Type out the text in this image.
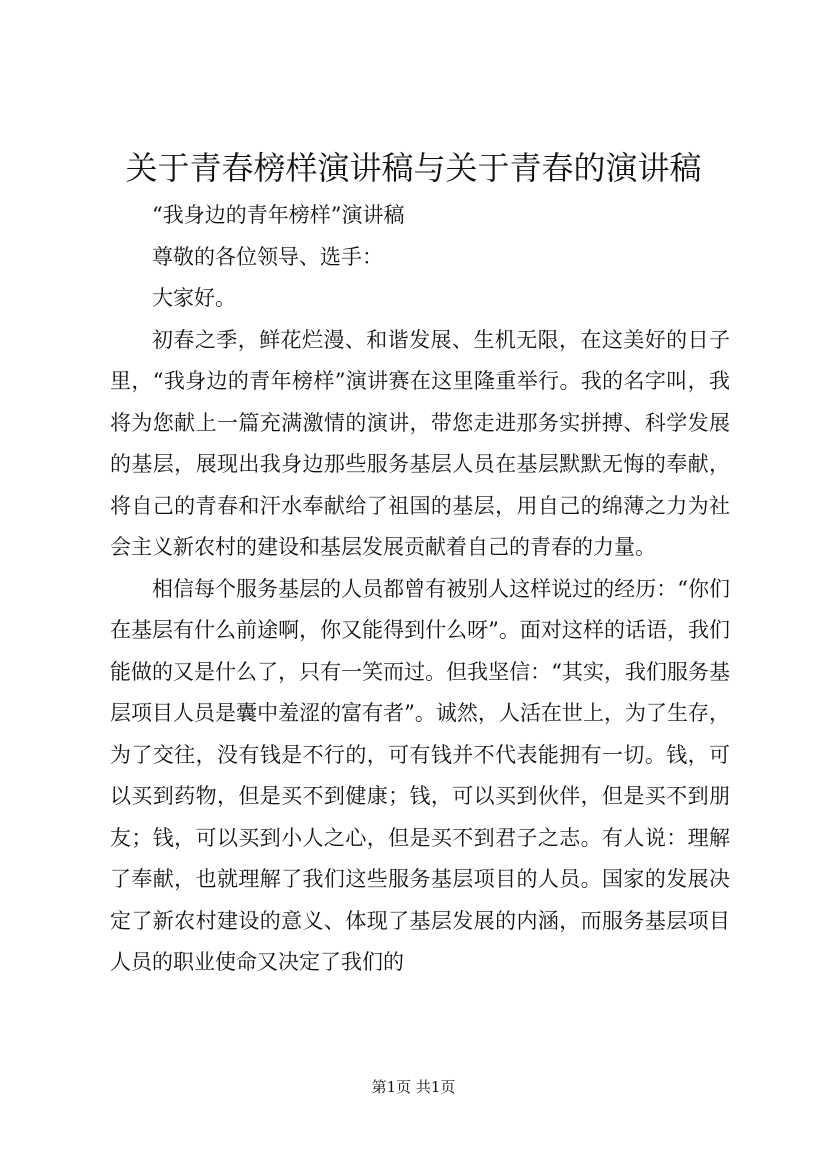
关于青春榜样演讲稿与关于青春的演讲稿

“我身边的青年榜样”演讲稿

尊敬的各位领导、选手：

大家好。

初春之季，鲜花烂漫、和谐发展、生机无限，在这美好的日子里，“我身边的青年榜样”演讲赛在这里隆重举行。我的名字叫，我将为您献上一篇充满激情的演讲，带您走进那务实拼搏、科学发展的基层，展现出我身边那些服务基层人员在基层默默无悔的奉献，将自己的青春和汗水奉献给了祖国的基层，用自己的绵薄之力为社会主义新农村的建设和基层发展贡献着自己的青春的力量。

相信每个服务基层的人员都曾有被别人这样说过的经历：“你们在基层有什么前途啊，你又能得到什么呀”。面对这样的话语，我们能做的又是什么了，只有一笑而过。但我坚信：“其实，我们服务基层项目人员是囊中羞涩的富有者”。诚然，人活在世上，为了生存，为了交往，没有钱是不行的，可有钱并不代表能拥有一切。钱，可以买到药物，但是买不到健康；钱，可以买到伙伴，但是买不到朋友；钱，可以买到小人之心，但是买不到君子之志。有人说：理解了奉献，也就理解了我们这些服务基层项目的人员。国家的发展决定了新农村建设的意义、体现了基层发展的内涵，而服务基层项目人员的职业使命又决定了我们的

第1页 共1页
